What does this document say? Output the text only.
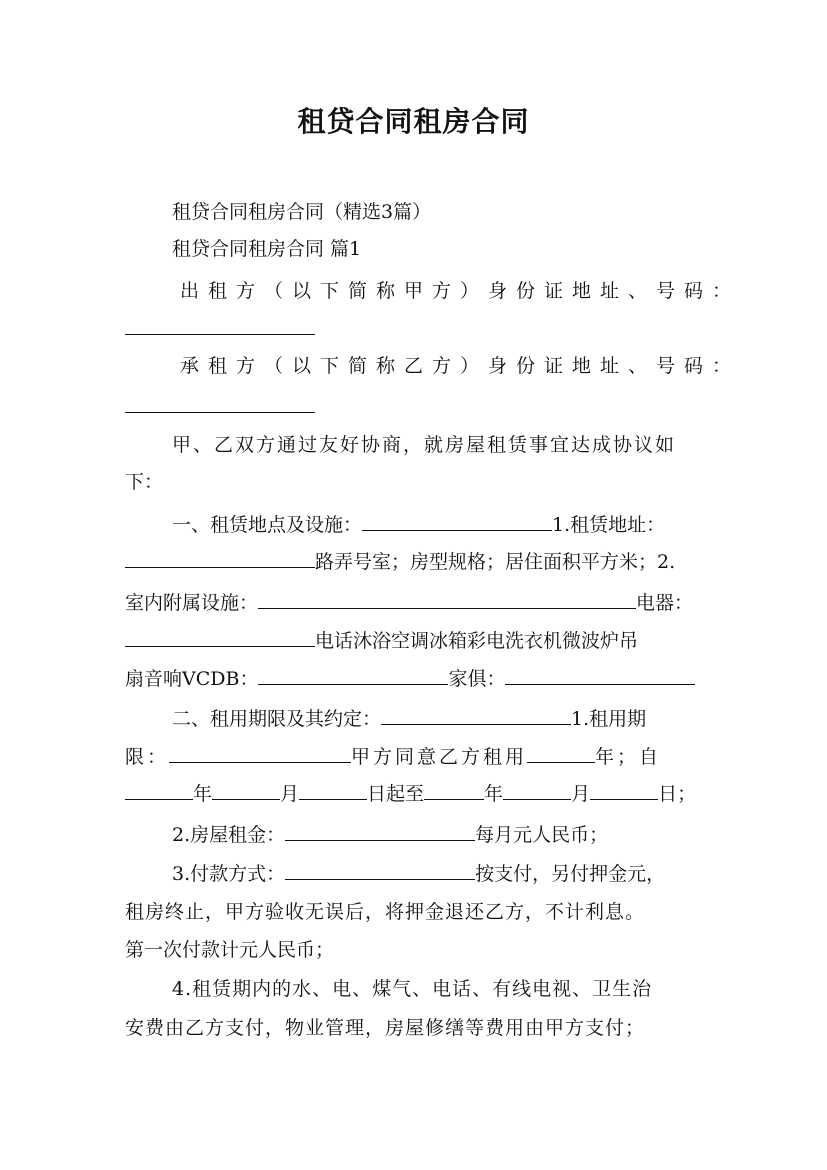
租贷合同租房合同
租贷合同租房合同（精选3篇）
租贷合同租房合同 篇1
出租方（以下简称甲方）身份证地址、号码：
承租方（以下简称乙方）身份证地址、号码：
甲、乙双方通过友好协商，就房屋租赁事宜达成协议如
下：
一、租赁地点及设施：	1.租赁地址：
路弄号室；房型规格；居住面积平方米；2.
室内附属设施：	电器：
电话沐浴空调冰箱彩电洗衣机微波炉吊
扇音响VCDB：	家俱：
二、租用期限及其约定：	1.租用期
限：	甲方同意乙方租用	年；自
年	月	日起至	年	月	日；
2.房屋租金：	每月元人民币；
3.付款方式：	按支付，另付押金元，
租房终止，甲方验收无误后，将押金退还乙方，不计利息。
第一次付款计元人民币；
4.租赁期内的水、电、煤气、电话、有线电视、卫生治
安费由乙方支付，物业管理，房屋修缮等费用由甲方支付；
